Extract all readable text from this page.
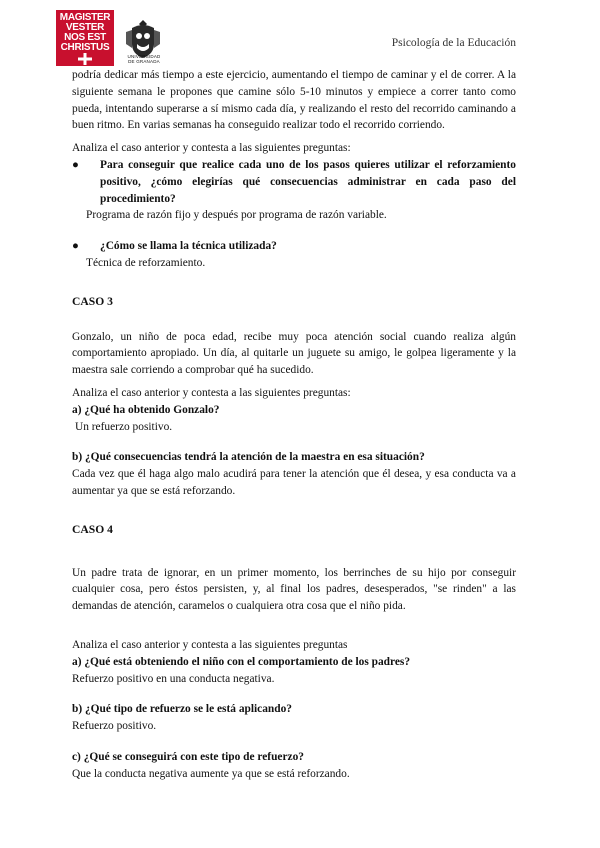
MAGISTER
VESTER
NOS EST
CHRISTUS
UNIVERSIDAD
DE GRANADA
Psicología de la Educación

podría dedicar más tiempo a este ejercicio, aumentando el tiempo de caminar y el de correr. A la siguiente semana le propones que camine sólo 5-10 minutos y empiece a correr tanto como pueda, intentando superarse a sí mismo cada día, y realizando el resto del recorrido caminando a buen ritmo. En varias semanas ha conseguido realizar todo el recorrido corriendo.

Analiza el caso anterior y contesta a las siguientes preguntas:

●	Para conseguir que realice cada uno de los pasos quieres utilizar el reforzamiento positivo, ¿cómo elegirías qué consecuencias administrar en cada paso del procedimiento?

Programa de razón fijo y después por programa de razón variable.

●	¿Cómo se llama la técnica utilizada?

Técnica de reforzamiento.

CASO 3

Gonzalo, un niño de poca edad, recibe muy poca atención social cuando realiza algún comportamiento apropiado. Un día, al quitarle un juguete su amigo, le golpea ligeramente y la maestra sale corriendo a comprobar qué ha sucedido.

Analiza el caso anterior y contesta a las siguientes preguntas:

a) ¿Qué ha obtenido Gonzalo?

Un refuerzo positivo.

b) ¿Qué consecuencias tendrá la atención de la maestra en esa situación?

Cada vez que él haga algo malo acudirá para tener la atención que él desea, y esa conducta va a aumentar ya que se está reforzando.

CASO 4

Un padre trata de ignorar, en un primer momento, los berrinches de su hijo por conseguir cualquier cosa, pero éstos persisten, y, al final los padres, desesperados, "se rinden" a las demandas de atención, caramelos o cualquiera otra cosa que el niño pida.

Analiza el caso anterior y contesta a las siguientes preguntas

a) ¿Qué está obteniendo el niño con el comportamiento de los padres?

Refuerzo positivo en una conducta negativa.

b) ¿Qué tipo de refuerzo se le está aplicando?

Refuerzo positivo.

c) ¿Qué se conseguirá con este tipo de refuerzo?

Que la conducta negativa aumente ya que se está reforzando.
